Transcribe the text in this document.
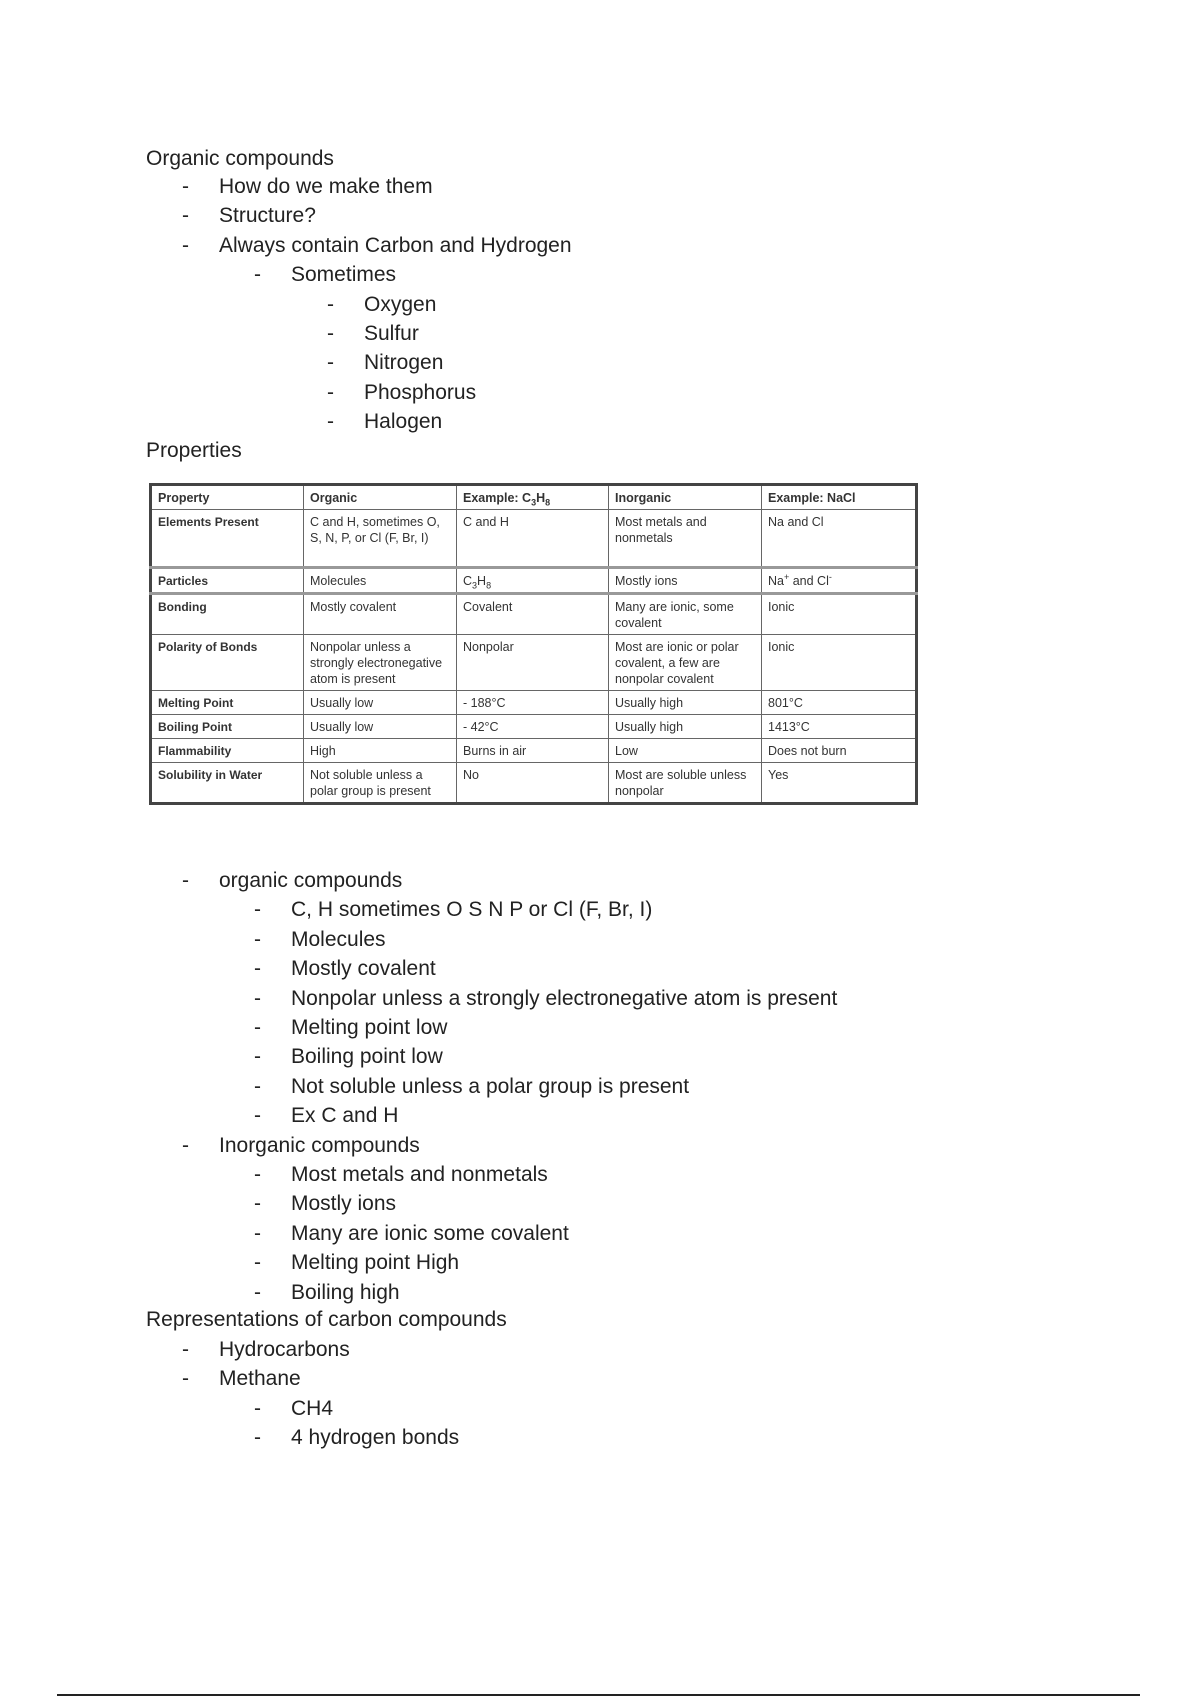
Organic compounds
- How do we make them
- Structure?
- Always contain Carbon and Hydrogen
- Sometimes
- Oxygen
- Sulfur
- Nitrogen
- Phosphorus
- Halogen
Properties
Property	Organic	Example: $C_3H_8$	Inorganic	Example: NaCl
Elements Present	C and H, sometimes O, S, N, P, or Cl (F, Br, I)	C and H	Most metals and nonmetals	Na and Cl
Particles	Molecules	$C_3H_8$	Mostly ions	Na+ and Cl-
Bonding	Mostly covalent	Covalent	Many are ionic, some covalent	Ionic
Polarity of Bonds	Nonpolar unless a strongly electronegative atom is present	Nonpolar	Most are ionic or polar covalent, a few are nonpolar covalent	Ionic
Melting Point	Usually low	- 188°C	Usually high	801°C
Boiling Point	Usually low	- 42°C	Usually high	1413°C
Flammability	High	Burns in air	Low	Does not burn
Solubility in Water	Not soluble unless a polar group is present	No	Most are soluble unless nonpolar	Yes
- organic compounds
- C, H sometimes O S N P or Cl (F, Br, I)
- Molecules
- Mostly covalent
- Nonpolar unless a strongly electronegative atom is present
- Melting point low
- Boiling point low
- Not soluble unless a polar group is present
- Ex C and H
- Inorganic compounds
- Most metals and nonmetals
- Mostly ions
- Many are ionic some covalent
- Melting point High
- Boiling high
Representations of carbon compounds
- Hydrocarbons
- Methane
- CH4
- 4 hydrogen bonds
